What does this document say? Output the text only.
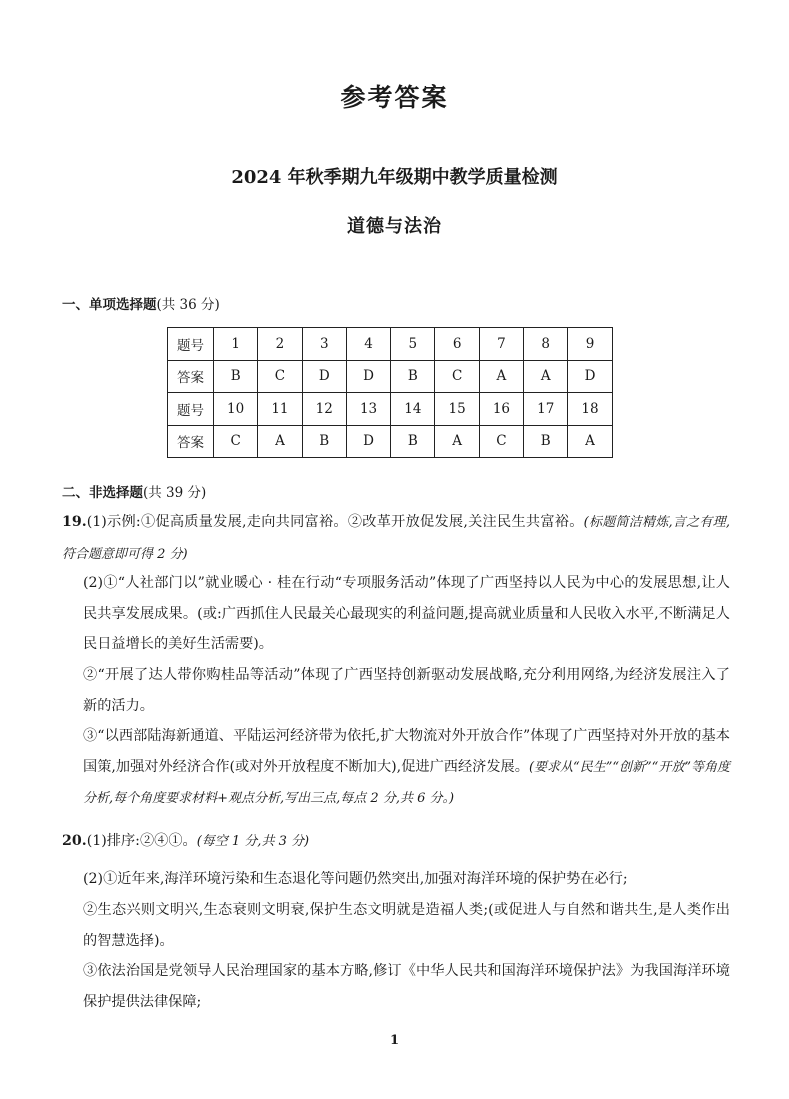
参考答案
2024 年秋季期九年级期中教学质量检测
道德与法治
一、单项选择题(共 36 分)
题号	1	2	3	4	5	6	7	8	9
答案	B	C	D	D	B	C	A	A	D
题号	10	11	12	13	14	15	16	17	18
答案	C	A	B	D	B	A	C	B	A
二、非选择题(共 39 分)
19.(1)示例:①促高质量发展,走向共同富裕。②改革开放促发展,关注民生共富裕。(标题简洁精炼,言之有理,符合题意即可得 2 分)
(2)①“人社部门以”就业暖心 · 桂在行动“专项服务活动”体现了广西坚持以人民为中心的发展思想,让人民共享发展成果。(或:广西抓住人民最关心最现实的利益问题,提高就业质量和人民收入水平,不断满足人民日益增长的美好生活需要)。
②“开展了达人带你购桂品等活动”体现了广西坚持创新驱动发展战略,充分利用网络,为经济发展注入了新的活力。
③“以西部陆海新通道、平陆运河经济带为依托,扩大物流对外开放合作”体现了广西坚持对外开放的基本国策,加强对外经济合作(或对外开放程度不断加大),促进广西经济发展。(要求从“民生”“创新”“开放”等角度分析,每个角度要求材料+观点分析,写出三点,每点 2 分,共 6 分。)
20.(1)排序:②④①。(每空 1 分,共 3 分)
(2)①近年来,海洋环境污染和生态退化等问题仍然突出,加强对海洋环境的保护势在必行;
②生态兴则文明兴,生态衰则文明衰,保护生态文明就是造福人类;(或促进人与自然和谐共生,是人类作出的智慧选择)。
③依法治国是党领导人民治理国家的基本方略,修订《中华人民共和国海洋环境保护法》为我国海洋环境保护提供法律保障;
1
